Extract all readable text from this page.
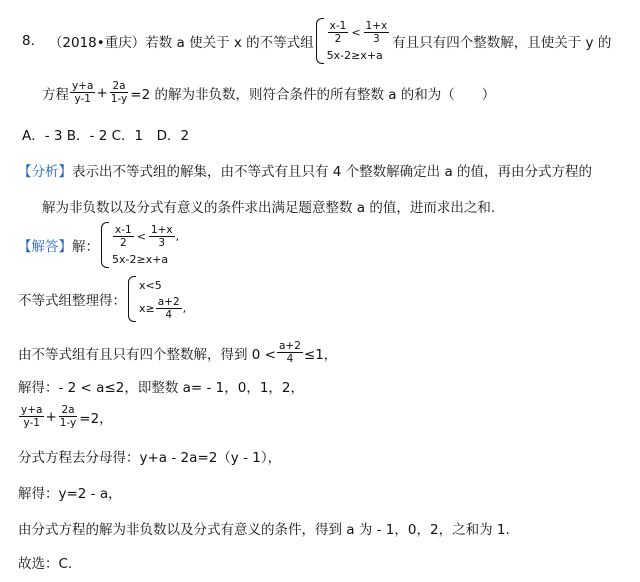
8. （2018•重庆）若数 a 使关于 x 的不等式组 $\frac{x-1}{2} < \frac{1+x}{3}$
5x-2≥x+a
有且只有四个整数解，且使关于 y 的
方程 $\frac{y+a}{y-1} + \frac{2a}{1-y} =2$ 的解为非负数，则符合条件的所有整数 a 的和为（　　）
A．- 3 B．- 2 C．1　D．2
【分析】 表示出不等式组的解集，由不等式有且只有 4 个整数解确定出 a 的值，再由分式方程的
解为非负数以及分式有意义的条件求出满足题意整数 a 的值，进而求出之和.
【解答】 解： $\frac{x-1}{2} < \frac{1+x}{3}$ ,
5x-2≥x+a
不等式组整理得：
x<5
$x\ge \frac{a+2}{4}$ ,
由不等式组有且只有四个整数解，得到 $0 < \frac{a+2}{4} \le 1$，
解得：- 2 < a≤2，即整数 a= - 1，0，1，2，
$\frac{y+a}{y-1} + \frac{2a}{1-y} =2$，
分式方程去分母得：y+a - 2a=2（y - 1），
解得：y=2 - a，
由分式方程的解为非负数以及分式有意义的条件，得到 a 为 - 1，0，2，之和为 1.
故选：C.
